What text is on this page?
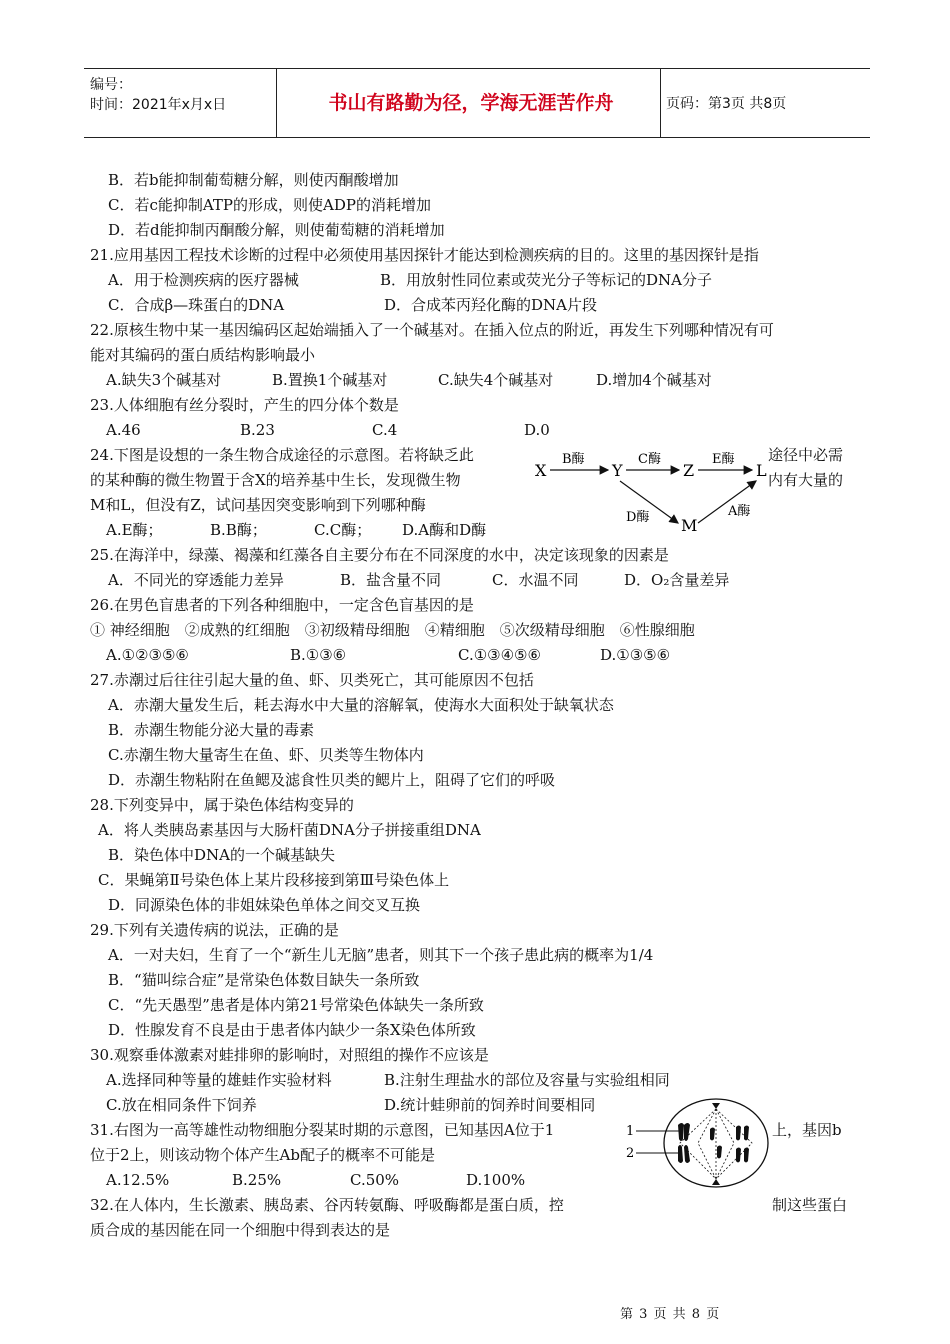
编号：
时间：2021年x月x日	书山有路勤为径，学海无涯苦作舟	页码：第3页 共8页
B．若b能抑制葡萄糖分解，则使丙酮酸增加
C．若c能抑制ATP的形成，则使ADP的消耗增加
D．若d能抑制丙酮酸分解，则使葡萄糖的消耗增加
21.应用基因工程技术诊断的过程中必须使用基因探针才能达到检测疾病的目的。这里的基因探针是指
A．用于检测疾病的医疗器械	B．用放射性同位素或荧光分子等标记的DNA分子
C．合成β—珠蛋白的DNA	D．合成苯丙羟化酶的DNA片段
22.原核生物中某一基因编码区起始端插入了一个碱基对。在插入位点的附近，再发生下列哪种情况有可
能对其编码的蛋白质结构影响最小
A.缺失3个碱基对	B.置换1个碱基对	C.缺失4个碱基对	D.增加4个碱基对
23.人体细胞有丝分裂时，产生的四分体个数是
A.46	B.23	C.4	D.0
24.下图是设想的一条生物合成途径的示意图。若将缺乏此	途径中必需
的某种酶的微生物置于含X的培养基中生长，发现微生物	内有大量的
M和L，但没有Z，试问基因突变影响到下列哪种酶
A.E酶；	B.B酶；	C.C酶； D.A酶和D酶
25.在海洋中，绿藻、褐藻和红藻各自主要分布在不同深度的水中，决定该现象的因素是
A．不同光的穿透能力差异	B．盐含量不同	C．水温不同	D．O₂含量差异
26.在男色盲患者的下列各种细胞中，一定含色盲基因的是
① 神经细胞　②成熟的红细胞　③初级精母细胞　④精细胞　⑤次级精母细胞　⑥性腺细胞
A.①②③⑤⑥	B.①③⑥	C.①③④⑤⑥	D.①③⑤⑥
27.赤潮过后往往引起大量的鱼、虾、贝类死亡，其可能原因不包括
A．赤潮大量发生后，耗去海水中大量的溶解氧，使海水大面积处于缺氧状态
B．赤潮生物能分泌大量的毒素
C.赤潮生物大量寄生在鱼、虾、贝类等生物体内
D．赤潮生物粘附在鱼鳃及滤食性贝类的鳃片上，阻碍了它们的呼吸
28.下列变异中，属于染色体结构变异的
A．将人类胰岛素基因与大肠杆菌DNA分子拼接重组DNA
B．染色体中DNA的一个碱基缺失
C．果蝇第Ⅱ号染色体上某片段移接到第Ⅲ号染色体上
D．同源染色体的非姐妹染色单体之间交叉互换
29.下列有关遗传病的说法，正确的是
A．一对夫妇，生育了一个“新生儿无脑”患者，则其下一个孩子患此病的概率为1/4
B．“猫叫综合症”是常染色体数目缺失一条所致
C．“先天愚型”患者是体内第21号常染色体缺失一条所致
D．性腺发育不良是由于患者体内缺少一条X染色体所致
30.观察垂体激素对蛙排卵的影响时，对照组的操作不应该是
A.选择同种等量的雄蛙作实验材料	B.注射生理盐水的部位及容量与实验组相同
C.放在相同条件下饲养	D.统计蛙卵前的饲养时间要相同
31.右图为一高等雄性动物细胞分裂某时期的示意图，已知基因A位于1	上，基因b
位于2上，则该动物个体产生Ab配子的概率不可能是
A.12.5%	B.25%	C.50%	D.100%
32.在人体内，生长激素、胰岛素、谷丙转氨酶、呼吸酶都是蛋白质，控	制这些蛋白
质合成的基因能在同一个细胞中得到表达的是
X	Y	Z	L
M
B酶	C酶	E酶
D酶	A酶
1
2
第 3 页 共 8 页
